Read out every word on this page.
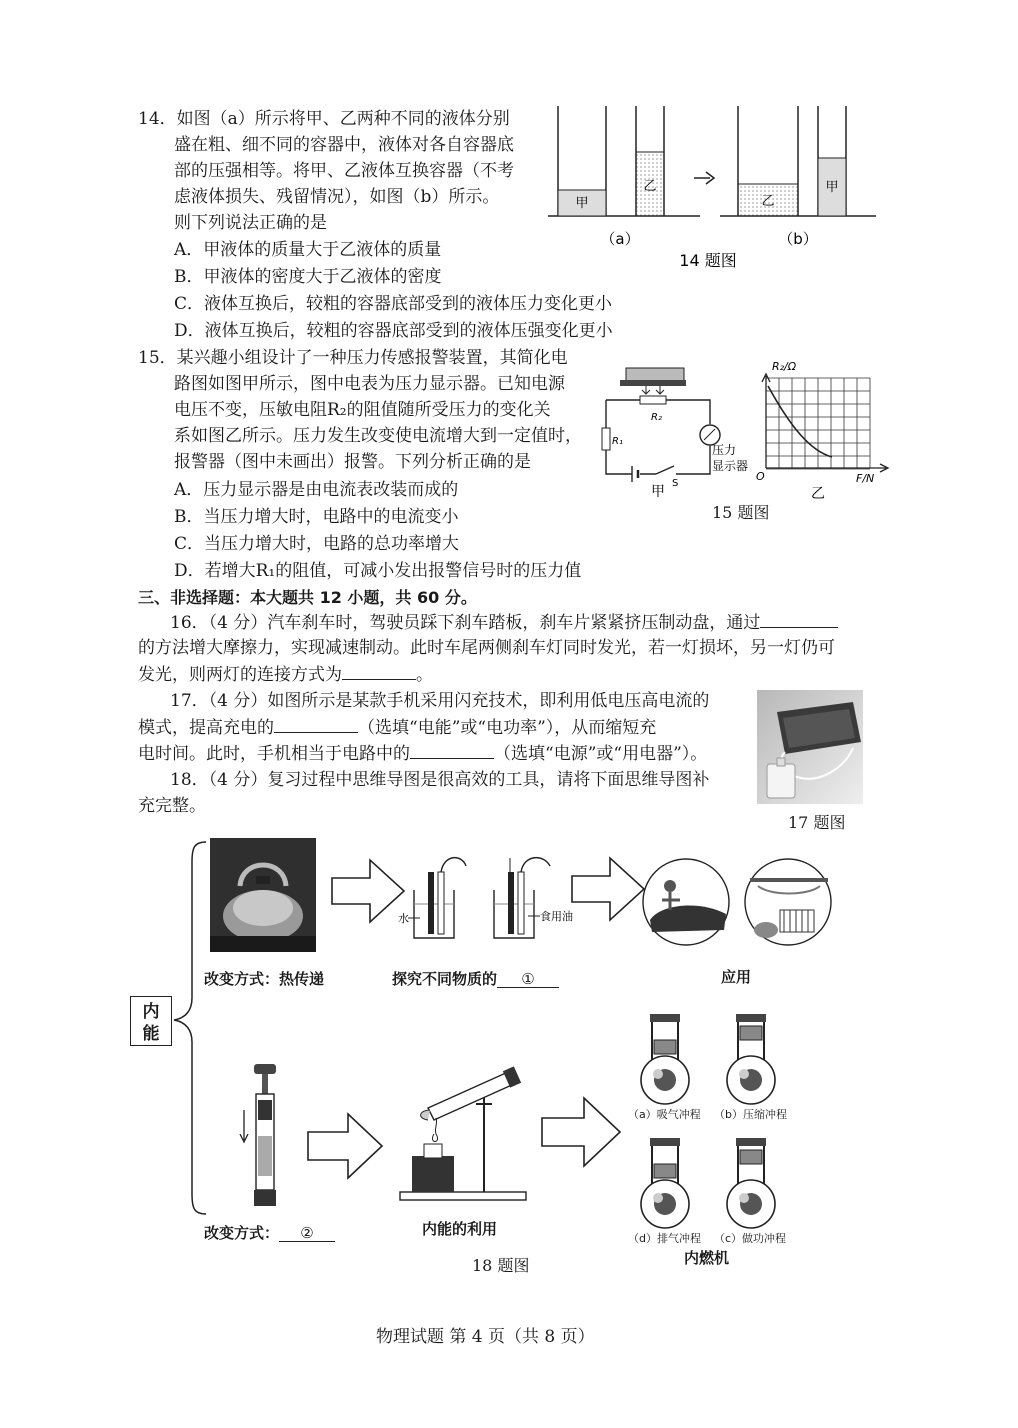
14．如图（a）所示将甲、乙两种不同的液体分别
盛在粗、细不同的容器中，液体对各自容器底
部的压强相等。将甲、乙液体互换容器（不考
虑液体损失、残留情况），如图（b）所示。
则下列说法正确的是
A．甲液体的质量大于乙液体的质量
B．甲液体的密度大于乙液体的密度
C．液体互换后，较粗的容器底部受到的液体压力变化更小
D．液体互换后，较粗的容器底部受到的液体压强变化更小
甲
乙
乙
甲
（a）	（b）
14 题图
15．某兴趣小组设计了一种压力传感报警装置，其简化电
路图如图甲所示，图中电表为压力显示器。已知电源
电压不变，压敏电阻R₂的阻值随所受压力的变化关
系如图乙所示。压力发生改变使电流增大到一定值时，
报警器（图中未画出）报警。下列分析正确的是
A．压力显示器是由电流表改装而成的
B．当压力增大时，电路中的电流变小
C．当压力增大时，电路的总功率增大
D．若增大R₁的阻值，可减小发出报警信号时的压力值
R₂
R₁
S
压力
显示器
甲
R₂/Ω
O	F/N
乙
15 题图
三、非选择题：本大题共 12 小题，共 60 分。
16．（4 分）汽车刹车时，驾驶员踩下刹车踏板，刹车片紧紧挤压制动盘，通过
的方法增大摩擦力，实现减速制动。此时车尾两侧刹车灯同时发光，若一灯损坏，另一灯仍可
发光，则两灯的连接方式为	。
17．（4 分）如图所示是某款手机采用闪充技术，即利用低电压高电流的
模式，提高充电的	（选填“电能”或“电功率”），从而缩短充
电时间。此时，手机相当于电路中的	（选填“电源”或“用电器”）。
17 题图
18．（4 分）复习过程中思维导图是很高效的工具，请将下面思维导图补
充完整。
内能
改变方式：热传递
水	食用油
探究不同物质的 ①	应用
改变方式： ②	内能的利用
（a）吸气冲程 （b）压缩冲程
（d）排气冲程 （c）做功冲程
内燃机
18 题图
物理试题 第 4 页（共 8 页）
